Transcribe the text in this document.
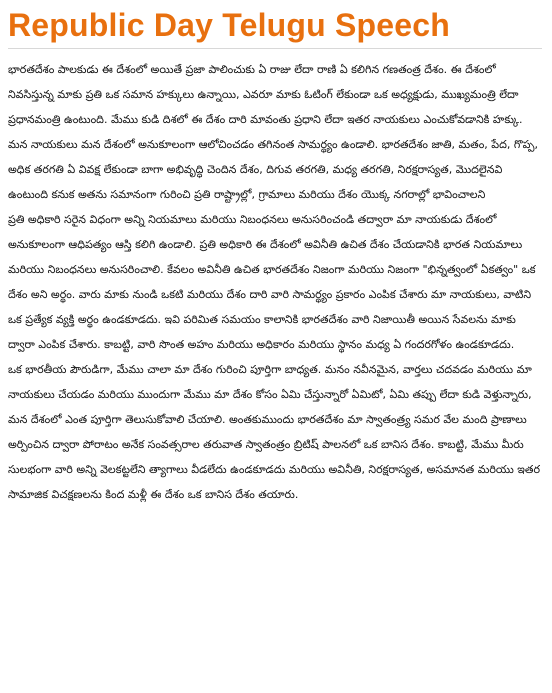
Republic Day Telugu Speech

భారతదేశం పాలకుడు ఈ దేశంలో అయితే ప్రజా పాలించుకు ఏ రాజు లేదా రాణి ఏ కలిగిన గణతంత్ర దేశం. ఈ దేశంలో నివసిస్తున్న మాకు ప్రతి ఒక సమాన హక్కులు ఉన్నాయి, ఎవరూ మాకు ఓటింగ్ లేకుండా ఒక అధ్యక్షుడు, ముఖ్యమంత్రి లేదా ప్రధానమంత్రి ఉంటుంది. మేము కుడి దిశలో ఈ దేశం దారి మావంతు ప్రధాని లేదా ఇతర నాయకులు ఎంచుకోవడానికి హక్కు. మన నాయకులు మన దేశంలో అనుకూలంగా ఆలోచించడం తగినంత సామర్థ్యం ఉండాలి. భారతదేశం జాతి, మతం, పేద, గొప్ప, అధిక తరగతి ఏ వివక్ష లేకుండా బాగా అభివృద్ధి చెందిన దేశం, దిగువ తరగతి, మధ్య తరగతి, నిరక్షరాస్యత, మొదలైనవి ఉంటుంది కనుక అతను సమానంగా గురించి ప్రతి రాష్ట్రాల్లో, గ్రామాలు మరియు దేశం యొక్క నగరాల్లో భావించాలని

ప్రతి అధికారి సరైన విధంగా అన్ని నియమాలు మరియు నిబంధనలు అనుసరించండి తద్వారా మా నాయకుడు దేశంలో అనుకూలంగా ఆధిపత్యం ఆస్తి కలిగి ఉండాలి. ప్రతి అధికారి ఈ దేశంలో అవినీతి ఉచిత దేశం చేయడానికి భారత నియమాలు మరియు నిబంధనలు అనుసరించాలి. కేవలం అవినీతి ఉచిత భారతదేశం నిజంగా మరియు నిజంగా "భిన్నత్వంలో ఏకత్వం" ఒక దేశం అని అర్థం. వారు మాకు నుండి ఒకటి మరియు దేశం దారి వారి సామర్థ్యం ప్రకారం ఎంపిక చేశారు మా నాయకులు, వాటిని ఒక ప్రత్యేక వ్యక్తి అర్థం ఉండకూడదు. ఇవి పరిమిత సమయం కాలానికి భారతదేశం వారి నిజాయితీ అయిన సేవలను మాకు ద్వారా ఎంపిక చేశారు. కాబట్టి, వారి సొంత అహం మరియు అధికారం మరియు స్థానం మధ్య ఏ గందరగోళం ఉండకూడదు.

ఒక భారతీయ పౌరుడిగా, మేము చాలా మా దేశం గురించి పూర్తిగా బాధ్యత. మనం నవీనమైన, వార్తలు చదవడం మరియు మా నాయకులు చేయడం మరియు ముందుగా మేము మా దేశం కోసం ఏమి చేస్తున్నారో ఏమిటో, ఏమి తప్పు లేదా కుడి వెళ్తున్నారు, మన దేశంలో ఎంత పూర్తిగా తెలుసుకోవాలి చేయాలి. అంతకుముందు భారతదేశం మా స్వాతంత్ర్య సమర వేల మంది ప్రాణాలు అర్పించిన ద్వారా పోరాటం అనేక సంవత్సరాల తరువాత స్వాతంత్రం బ్రిటిష్ పాలనలో ఒక బానిస దేశం. కాబట్టి, మేము మీరు సులభంగా వారి అన్ని వెలకట్టలేని త్యాగాలు వీడలేదు ఉండకూడదు మరియు అవినీతి, నిరక్షరాస్యత, అసమానత మరియు ఇతర సామాజిక విచక్షణలను కింద మళ్లీ ఈ దేశం ఒక బానిస దేశం తయారు.
